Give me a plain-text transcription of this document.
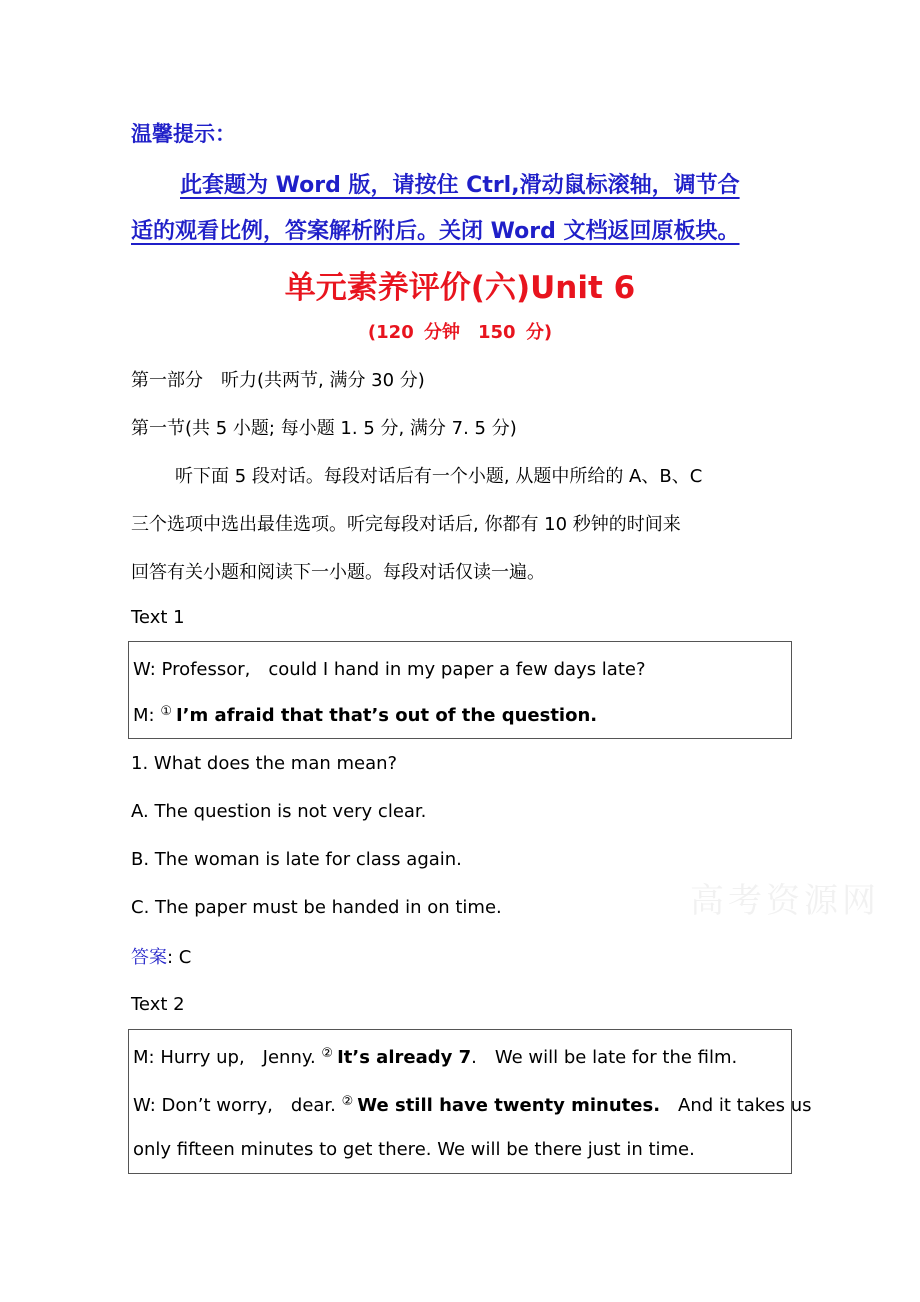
温馨提示：
此套题为 Word 版，请按住 Ctrl,滑动鼠标滚轴，调节合
适的观看比例，答案解析附后。关闭 Word 文档返回原板块。
单元素养评价(六)Unit 6
(120 分钟　150 分)
第一部分　听力(共两节, 满分 30 分)
第一节(共 5 小题; 每小题 1. 5 分, 满分 7. 5 分)
听下面 5 段对话。每段对话后有一个小题, 从题中所给的 A、B、C
三个选项中选出最佳选项。听完每段对话后, 你都有 10 秒钟的时间来
回答有关小题和阅读下一小题。每段对话仅读一遍。
Text 1
W: Professor,　could I hand in my paper a few days late?
M: ① I’m afraid that that’s out of the question.
1. What does the man mean?
A. The question is not very clear.
B. The woman is late for class again.
C. The paper must be handed in on time.
答案: C
高考资源网
Text 2
M: Hurry up,　Jenny. ② It’s already 7.　We will be late for the film.
W: Don’t worry,　dear. ② We still have twenty minutes.　And it takes us
only fifteen minutes to get there. We will be there just in time.
